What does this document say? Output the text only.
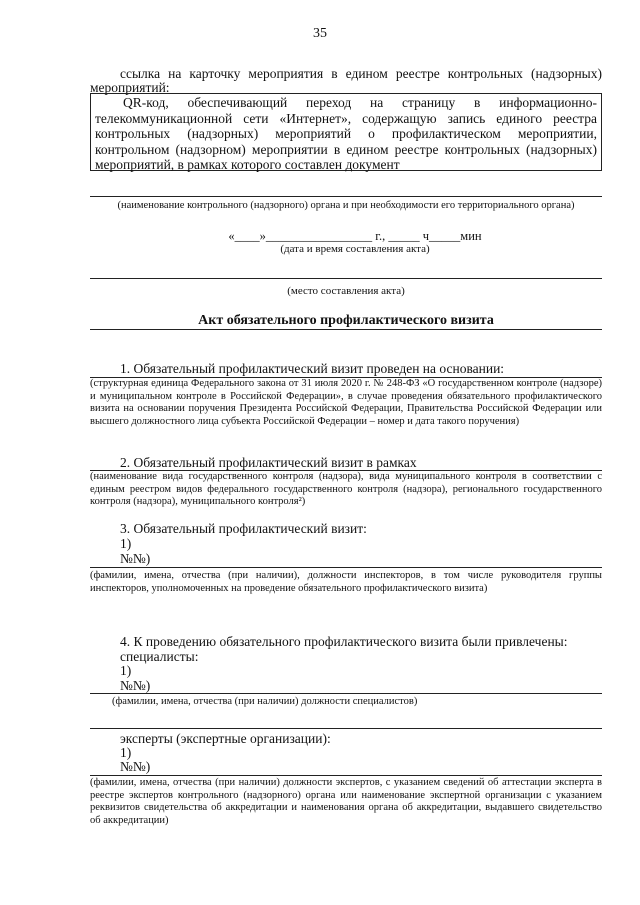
35
ссылка на карточку мероприятия в едином реестре контрольных (надзорных)
мероприятий:
QR-код, обеспечивающий переход на страницу в информационно-телекоммуникационной сети «Интернет», содержащую запись единого реестра контрольных (надзорных) мероприятий о профилактическом мероприятии, контрольном (надзорном) мероприятии в едином реестре контрольных (надзорных) мероприятий, в рамках которого составлен документ
(наименование контрольного (надзорного) органа и при необходимости его территориального органа)
«____»_________________ г., _____ ч_____мин
(дата и время составления акта)
(место составления акта)
Акт обязательного профилактического визита
1. Обязательный профилактический визит проведен на основании:
(структурная единица Федерального закона от 31 июля 2020 г. № 248-ФЗ «О государственном контроле (надзоре) и муниципальном контроле в Российской Федерации», в случае проведения обязательного профилактического визита на основании поручения Президента Российской Федерации, Правительства Российской Федерации или высшего должностного лица субъекта Российской Федерации – номер и дата такого поручения)
2. Обязательный профилактический визит в рамках
(наименование вида государственного контроля (надзора), вида муниципального контроля в соответствии с единым реестром видов федерального государственного контроля (надзора), регионального государственного контроля (надзора), муниципального контроля²)
3. Обязательный профилактический визит:
1)
№№)
(фамилии, имена, отчества (при наличии), должности инспекторов, в том числе руководителя группы инспекторов, уполномоченных на проведение обязательного профилактического визита)
4. К проведению обязательного профилактического визита были привлечены:
специалисты:
1)
№№)
(фамилии, имена, отчества (при наличии) должности специалистов)
эксперты (экспертные организации):
1)
№№)
(фамилии, имена, отчества (при наличии) должности экспертов, с указанием сведений об аттестации эксперта в реестре экспертов контрольного (надзорного) органа или наименование экспертной организации с указанием реквизитов свидетельства об аккредитации и наименования органа об аккредитации, выдавшего свидетельство об аккредитации)
